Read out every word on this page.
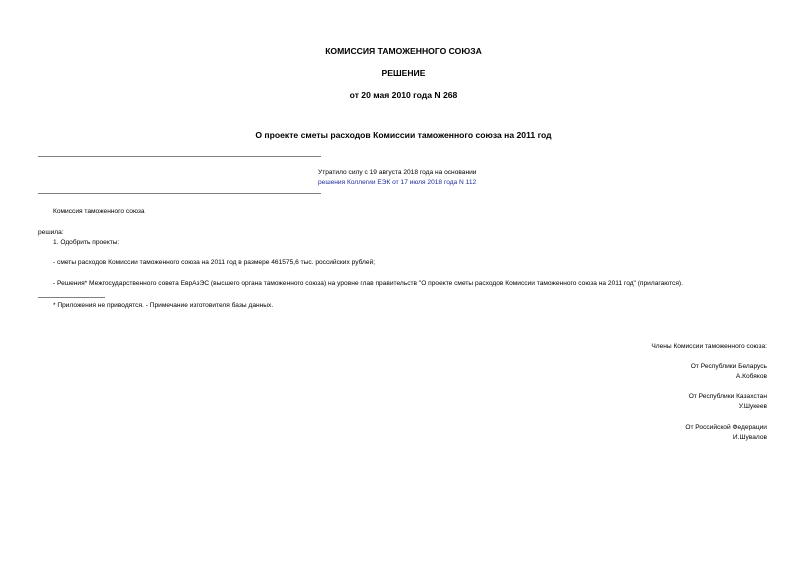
КОМИССИЯ ТАМОЖЕННОГО СОЮЗА
РЕШЕНИЕ
от 20 мая 2010 года N 268
О проекте сметы расходов Комиссии таможенного союза на 2011 год
Утратило силу с 19 августа 2018 года на основании
решения Коллегии ЕЭК от 17 июля 2018 года N 112
Комиссия таможенного союза
решила:
1. Одобрить проекты:
- сметы расходов Комиссии таможенного союза на 2011 год в размере 461575,6 тыс. российских рублей;
- Решения* Межгосударственного совета ЕврАзЭС (высшего органа таможенного союза) на уровне глав правительств "О проекте сметы расходов Комиссии таможенного союза на 2011 год" (прилагаются).
* Приложения не приводятся. - Примечание изготовителя базы данных.
Члены Комиссии таможенного союза:
От Республики Беларусь
А.Кобяков
От Республики Казахстан
У.Шукеев
От Российской Федерации
И.Шувалов
